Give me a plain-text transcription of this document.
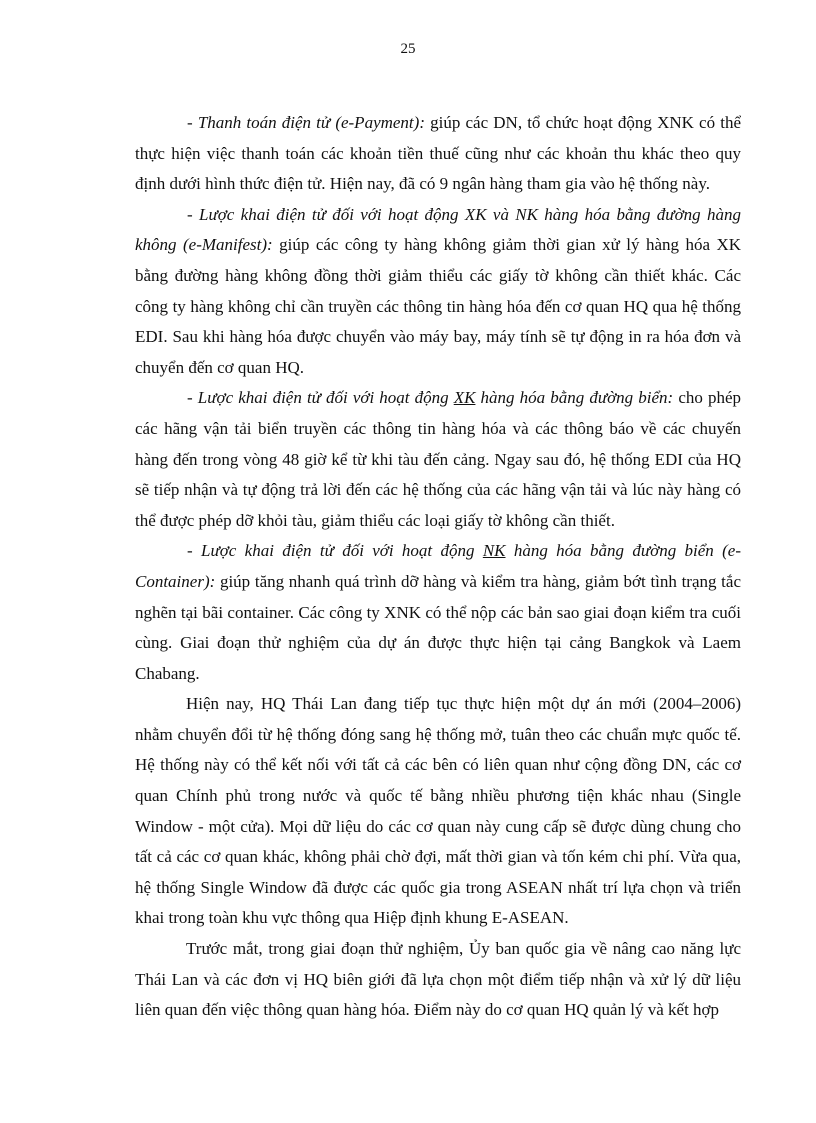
25

- Thanh toán điện tử (e-Payment): giúp các DN, tổ chức hoạt động XNK có thể thực hiện việc thanh toán các khoản tiền thuế cũng như các khoản thu khác theo quy định dưới hình thức điện tử. Hiện nay, đã có 9 ngân hàng tham gia vào hệ thống này.

- Lược khai điện tử đối với hoạt động XK và NK hàng hóa bằng đường hàng không (e-Manifest): giúp các công ty hàng không giảm thời gian xử lý hàng hóa XK bằng đường hàng không đồng thời giảm thiểu các giấy tờ không cần thiết khác. Các công ty hàng không chỉ cần truyền các thông tin hàng hóa đến cơ quan HQ qua hệ thống EDI. Sau khi hàng hóa được chuyển vào máy bay, máy tính sẽ tự động in ra hóa đơn và chuyển đến cơ quan HQ.

- Lược khai điện tử đối với hoạt động XK hàng hóa bằng đường biển: cho phép các hãng vận tải biển truyền các thông tin hàng hóa và các thông báo về các chuyến hàng đến trong vòng 48 giờ kể từ khi tàu đến cảng. Ngay sau đó, hệ thống EDI của HQ sẽ tiếp nhận và tự động trả lời đến các hệ thống của các hãng vận tải và lúc này hàng có thể được phép dỡ khỏi tàu, giảm thiểu các loại giấy tờ không cần thiết.

- Lược khai điện tử đối với hoạt động NK hàng hóa bằng đường biển (e-Container): giúp tăng nhanh quá trình dỡ hàng và kiểm tra hàng, giảm bớt tình trạng tắc nghẽn tại bãi container. Các công ty XNK có thể nộp các bản sao giai đoạn kiểm tra cuối cùng. Giai đoạn thử nghiệm của dự án được thực hiện tại cảng Bangkok và Laem Chabang.

Hiện nay, HQ Thái Lan đang tiếp tục thực hiện một dự án mới (2004–2006) nhằm chuyển đổi từ hệ thống đóng sang hệ thống mở, tuân theo các chuẩn mực quốc tế. Hệ thống này có thể kết nối với tất cả các bên có liên quan như cộng đồng DN, các cơ quan Chính phủ trong nước và quốc tế bằng nhiều phương tiện khác nhau (Single Window - một cửa). Mọi dữ liệu do các cơ quan này cung cấp sẽ được dùng chung cho tất cả các cơ quan khác, không phải chờ đợi, mất thời gian và tốn kém chi phí. Vừa qua, hệ thống Single Window đã được các quốc gia trong ASEAN nhất trí lựa chọn và triển khai trong toàn khu vực thông qua Hiệp định khung E-ASEAN.

Trước mắt, trong giai đoạn thử nghiệm, Ủy ban quốc gia về nâng cao năng lực Thái Lan và các đơn vị HQ biên giới đã lựa chọn một điểm tiếp nhận và xử lý dữ liệu liên quan đến việc thông quan hàng hóa. Điểm này do cơ quan HQ quản lý và kết hợp
